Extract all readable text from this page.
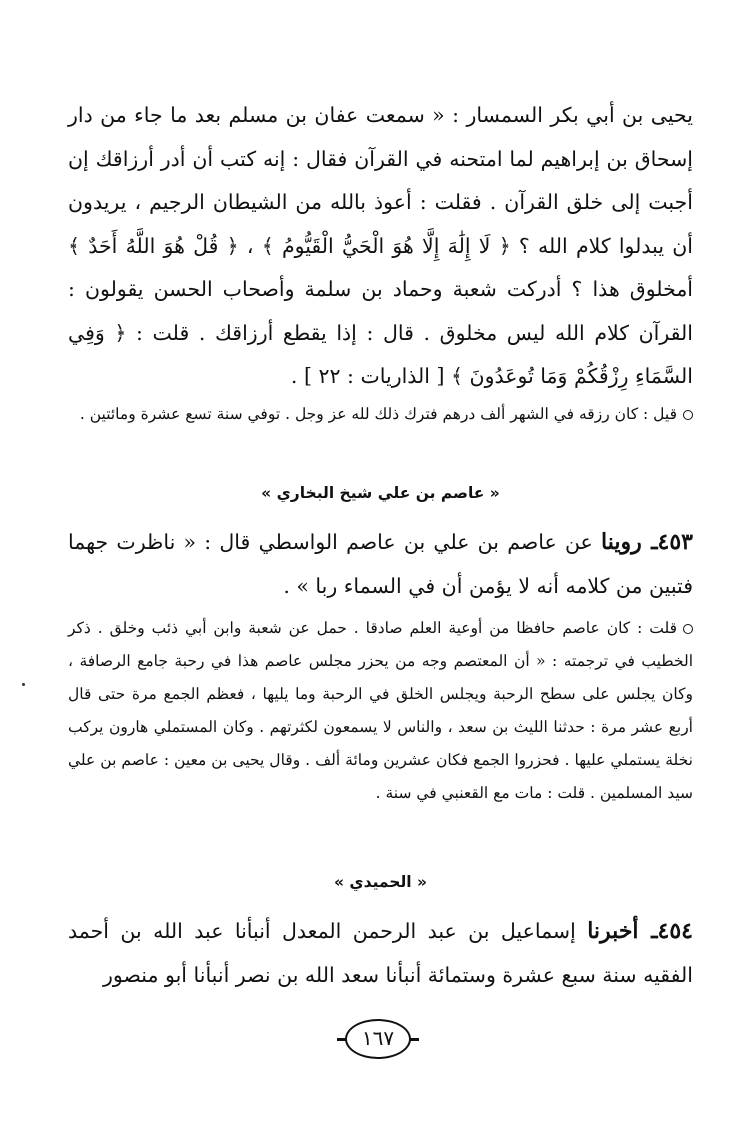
يحيى بن أبي بكر السمسار : « سمعت عفان بن مسلم بعد ما جاء من دار إسحاق بن إبراهيم لما امتحنه في القرآن فقال : إنه كتب أن أدر أرزاقك إن أجبت إلى خلق القرآن . فقلت : أعوذ بالله من الشيطان الرجيم ، يريدون أن يبدلوا كلام الله ؟ ﴿ لَا إِلَٰهَ إِلَّا هُوَ الْحَيُّ الْقَيُّومُ ﴾ ، ﴿ قُلْ هُوَ اللَّهُ أَحَدٌ ﴾ أمخلوق هذا ؟ أدركت شعبة وحماد بن سلمة وأصحاب الحسن يقولون : القرآن كلام الله ليس مخلوق . قال : إذا يقطع أرزاقك . قلت : ﴿ وَفِي السَّمَاءِ رِزْقُكُمْ وَمَا تُوعَدُونَ ﴾ [ الذاريات : ٢٢ ] .

قيل : كان رزقه في الشهر ألف درهم فترك ذلك لله عز وجل . توفي سنة تسع عشرة ومائتين .

« عاصم بن علي شيخ البخاري »

٤٥٣ـ روينا عن عاصم بن علي بن عاصم الواسطي قال : « ناظرت جهما فتبين من كلامه أنه لا يؤمن أن في السماء ربا » .

قلت : كان عاصم حافظا من أوعية العلم صادقا . حمل عن شعبة وابن أبي ذئب وخلق . ذكر الخطيب في ترجمته : « أن المعتصم وجه من يحزر مجلس عاصم هذا في رحبة جامع الرصافة ، وكان يجلس على سطح الرحبة ويجلس الخلق في الرحبة وما يليها ، فعظم الجمع مرة حتى قال أربع عشر مرة : حدثنا الليث بن سعد ، والناس لا يسمعون لكثرتهم . وكان المستملي هارون يركب نخلة يستملي عليها . فحزروا الجمع فكان عشرين ومائة ألف . وقال يحيى بن معين : عاصم بن علي سيد المسلمين . قلت : مات مع القعنبي في سنة .

« الحميدي »

٤٥٤ـ أخبرنا إسماعيل بن عبد الرحمن المعدل أنبأنا عبد الله بن أحمد الفقيه سنة سبع عشرة وستمائة أنبأنا سعد الله بن نصر أنبأنا أبو منصور

١٦٧
